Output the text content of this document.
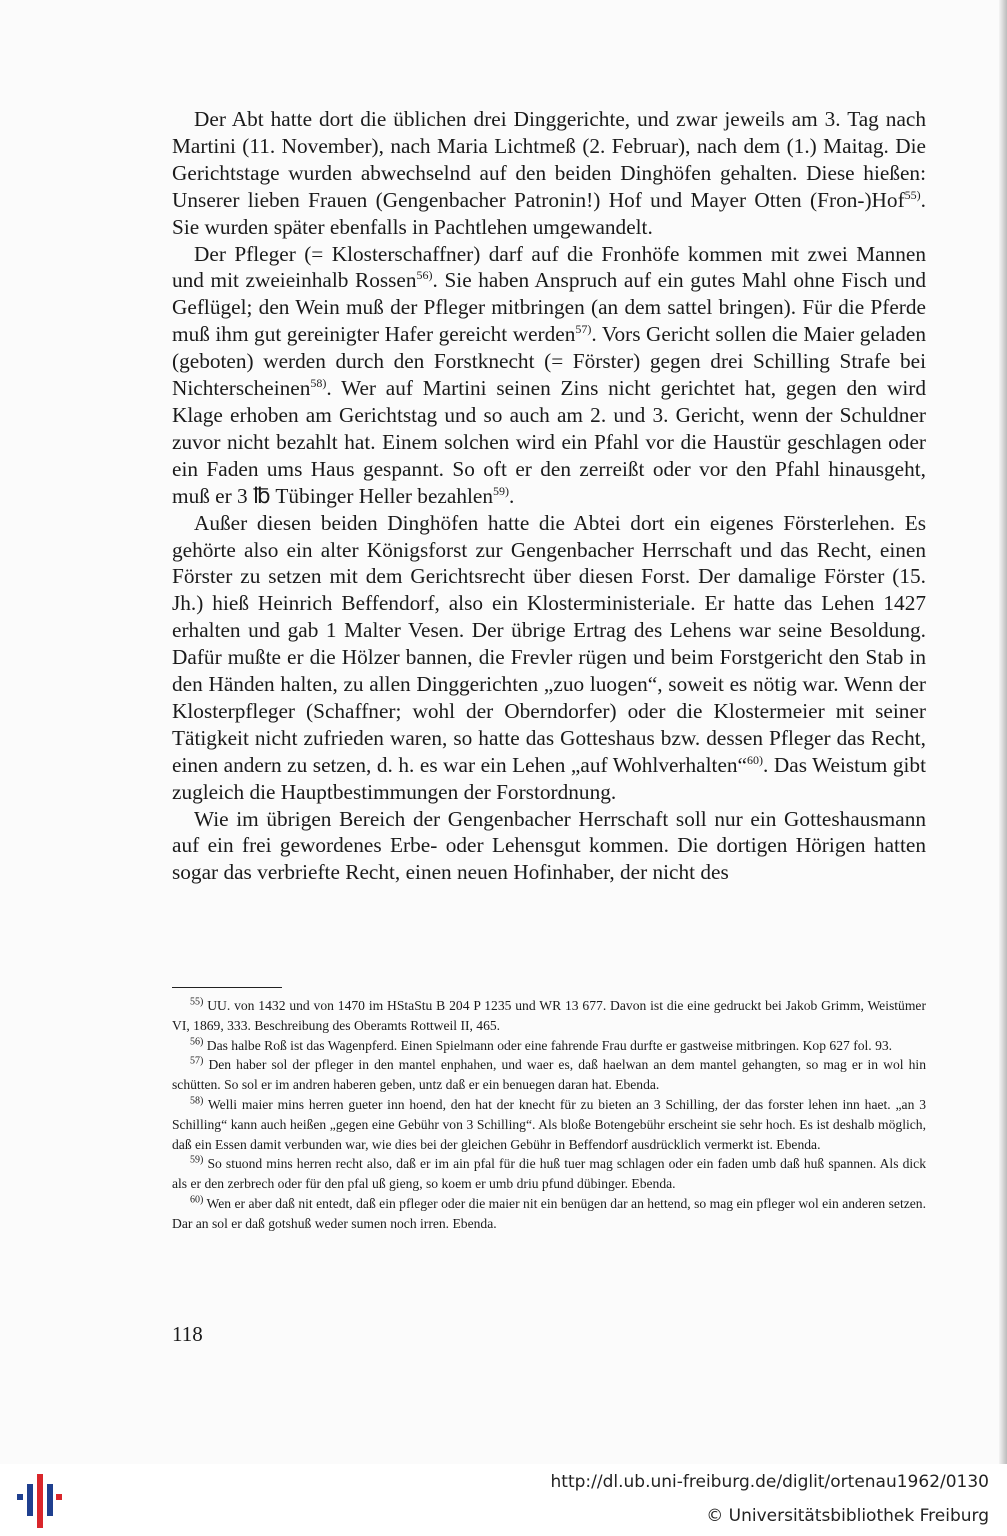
Der Abt hatte dort die üblichen drei Dinggerichte, und zwar jeweils am 3. Tag nach Martini (11. November), nach Maria Lichtmeß (2. Februar), nach dem (1.) Maitag. Die Gerichtstage wurden abwechselnd auf den beiden Dinghöfen gehalten. Diese hießen: Unserer lieben Frauen (Gengenbacher Patronin!) Hof und Mayer Otten (Fron-)Hof$^{55)}$. Sie wurden später ebenfalls in Pachtlehen umgewandelt.

Der Pfleger (= Klosterschaffner) darf auf die Fronhöfe kommen mit zwei Mannen und mit zweieinhalb Rossen$^{56)}$. Sie haben Anspruch auf ein gutes Mahl ohne Fisch und Geflügel; den Wein muß der Pfleger mitbringen (an dem sattel bringen). Für die Pferde muß ihm gut gereinigter Hafer gereicht werden$^{57)}$. Vors Gericht sollen die Maier geladen (geboten) werden durch den Forstknecht (= Förster) gegen drei Schilling Strafe bei Nichterscheinen$^{58)}$. Wer auf Martini seinen Zins nicht gerichtet hat, gegen den wird Klage erhoben am Gerichtstag und so auch am 2. und 3. Gericht, wenn der Schuldner zuvor nicht bezahlt hat. Einem solchen wird ein Pfahl vor die Haustür geschlagen oder ein Faden ums Haus gespannt. So oft er den zerreißt oder vor den Pfahl hinausgeht, muß er 3 ℔ Tübinger Heller bezahlen$^{59)}$.

Außer diesen beiden Dinghöfen hatte die Abtei dort ein eigenes Försterlehen. Es gehörte also ein alter Königsforst zur Gengenbacher Herrschaft und das Recht, einen Förster zu setzen mit dem Gerichtsrecht über diesen Forst. Der damalige Förster (15. Jh.) hieß Heinrich Beffendorf, also ein Klosterministeriale. Er hatte das Lehen 1427 erhalten und gab 1 Malter Vesen. Der übrige Ertrag des Lehens war seine Besoldung. Dafür mußte er die Hölzer bannen, die Frevler rügen und beim Forstgericht den Stab in den Händen halten, zu allen Dinggerichten „zuo luogen“, soweit es nötig war. Wenn der Klosterpfleger (Schaffner; wohl der Oberndorfer) oder die Klostermeier mit seiner Tätigkeit nicht zufrieden waren, so hatte das Gotteshaus bzw. dessen Pfleger das Recht, einen andern zu setzen, d. h. es war ein Lehen „auf Wohlverhalten“$^{60)}$. Das Weistum gibt zugleich die Hauptbestimmungen der Forstordnung.

Wie im übrigen Bereich der Gengenbacher Herrschaft soll nur ein Gotteshausmann auf ein frei gewordenes Erbe- oder Lehensgut kommen. Die dortigen Hörigen hatten sogar das verbriefte Recht, einen neuen Hofinhaber, der nicht des

$^{55)}$ UU. von 1432 und von 1470 im HStaStu B 204 P 1235 und WR 13 677. Davon ist die eine gedruckt bei Jakob Grimm, Weistümer VI, 1869, 333. Beschreibung des Oberamts Rottweil II, 465.

$^{56)}$ Das halbe Roß ist das Wagenpferd. Einen Spielmann oder eine fahrende Frau durfte er gastweise mitbringen. Kop 627 fol. 93.

$^{57)}$ Den haber sol der pfleger in den mantel enphahen, und waer es, daß haelwan an dem mantel gehangten, so mag er in wol hin schütten. So sol er im andren haberen geben, untz daß er ein benuegen daran hat. Ebenda.

$^{58)}$ Welli maier mins herren gueter inn hoend, den hat der knecht für zu bieten an 3 Schilling, der das forster lehen inn haet. „an 3 Schilling“ kann auch heißen „gegen eine Gebühr von 3 Schilling“. Als bloße Botengebühr erscheint sie sehr hoch. Es ist deshalb möglich, daß ein Essen damit verbunden war, wie dies bei der gleichen Gebühr in Beffendorf ausdrücklich vermerkt ist. Ebenda.

$^{59)}$ So stuond mins herren recht also, daß er im ain pfal für die huß tuer mag schlagen oder ein faden umb daß huß spannen. Als dick als er den zerbrech oder für den pfal uß gieng, so koem er umb driu pfund dübinger. Ebenda.

$^{60)}$ Wen er aber daß nit entedt, daß ein pfleger oder die maier nit ein benügen dar an hettend, so mag ein pfleger wol ein anderen setzen. Dar an sol er daß gotshuß weder sumen noch irren. Ebenda.

118
http://dl.ub.uni-freiburg.de/diglit/ortenau1962/0130
© Universitätsbibliothek Freiburg
